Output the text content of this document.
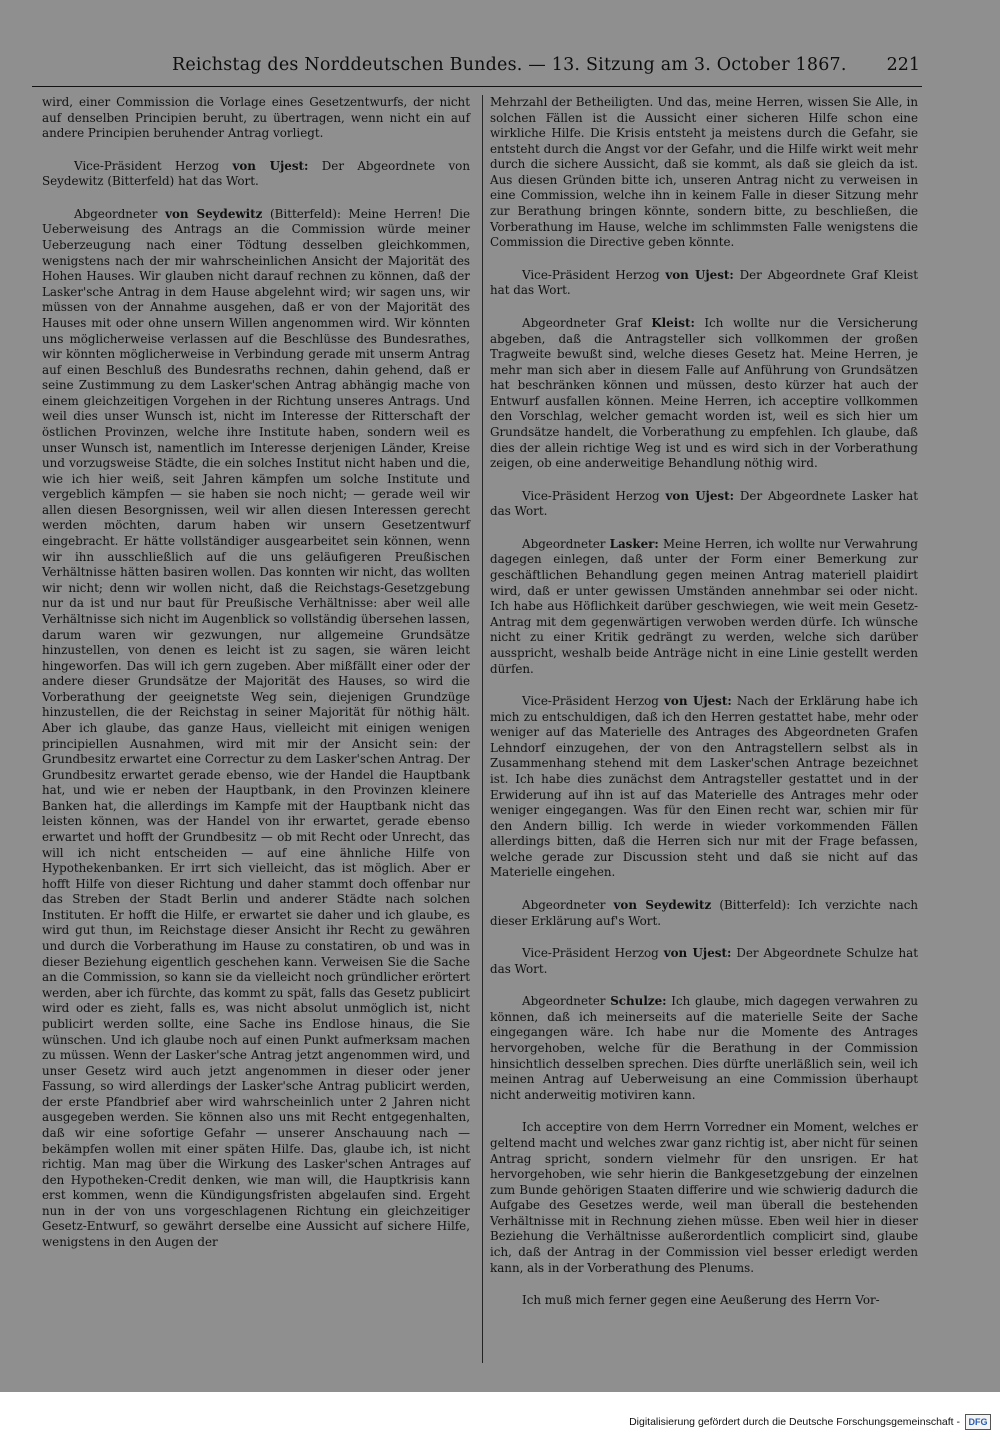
Reichstag des Norddeutschen Bundes. — 13. Sitzung am 3. October 1867. 221

wird, einer Commission die Vorlage eines Gesetzentwurfs, der nicht auf denselben Principien beruht, zu übertragen, wenn nicht ein auf andere Principien beruhender Antrag vorliegt.

Vice-Präsident Herzog von Ujest: Der Abgeordnete von Seydewitz (Bitterfeld) hat das Wort.

Abgeordneter von Seydewitz (Bitterfeld): Meine Herren! Die Ueberweisung des Antrags an die Commission würde meiner Ueberzeugung nach einer Tödtung desselben gleichkommen, wenigstens nach der mir wahrscheinlichen Ansicht der Majorität des Hohen Hauses. Wir glauben nicht darauf rechnen zu können, daß der Lasker'sche Antrag in dem Hause abgelehnt wird; wir sagen uns, wir müssen von der Annahme ausgehen, daß er von der Majorität des Hauses mit oder ohne unsern Willen angenommen wird. Wir könnten uns möglicherweise verlassen auf die Beschlüsse des Bundesrathes, wir könnten möglicherweise in Verbindung gerade mit unserm Antrag auf einen Beschluß des Bundesraths rechnen, dahin gehend, daß er seine Zustimmung zu dem Lasker'schen Antrag abhängig mache von einem gleichzeitigen Vorgehen in der Richtung unseres Antrags. Und weil dies unser Wunsch ist, nicht im Interesse der Ritterschaft der östlichen Provinzen, welche ihre Institute haben, sondern weil es unser Wunsch ist, namentlich im Interesse derjenigen Länder, Kreise und vorzugsweise Städte, die ein solches Institut nicht haben und die, wie ich hier weiß, seit Jahren kämpfen um solche Institute und vergeblich kämpfen — sie haben sie noch nicht; — gerade weil wir allen diesen Besorgnissen, weil wir allen diesen Interessen gerecht werden möchten, darum haben wir unsern Gesetzentwurf eingebracht. Er hätte vollständiger ausgearbeitet sein können, wenn wir ihn ausschließlich auf die uns geläufigeren Preußischen Verhältnisse hätten basiren wollen. Das konnten wir nicht, das wollten wir nicht; denn wir wollen nicht, daß die Reichstags-Gesetzgebung nur da ist und nur baut für Preußische Verhältnisse: aber weil alle Verhältnisse sich nicht im Augenblick so vollständig übersehen lassen, darum waren wir gezwungen, nur allgemeine Grundsätze hinzustellen, von denen es leicht ist zu sagen, sie wären leicht hingeworfen. Das will ich gern zugeben. Aber mißfällt einer oder der andere dieser Grundsätze der Majorität des Hauses, so wird die Vorberathung der geeignetste Weg sein, diejenigen Grundzüge hinzustellen, die der Reichstag in seiner Majorität für nöthig hält. Aber ich glaube, das ganze Haus, vielleicht mit einigen wenigen principiellen Ausnahmen, wird mit mir der Ansicht sein: der Grundbesitz erwartet eine Correctur zu dem Lasker'schen Antrag. Der Grundbesitz erwartet gerade ebenso, wie der Handel die Hauptbank hat, und wie er neben der Hauptbank, in den Provinzen kleinere Banken hat, die allerdings im Kampfe mit der Hauptbank nicht das leisten können, was der Handel von ihr erwartet, gerade ebenso erwartet und hofft der Grundbesitz — ob mit Recht oder Unrecht, das will ich nicht entscheiden — auf eine ähnliche Hilfe von Hypothekenbanken. Er irrt sich vielleicht, das ist möglich. Aber er hofft Hilfe von dieser Richtung und daher stammt doch offenbar nur das Streben der Stadt Berlin und anderer Städte nach solchen Instituten. Er hofft die Hilfe, er erwartet sie daher und ich glaube, es wird gut thun, im Reichstage dieser Ansicht ihr Recht zu gewähren und durch die Vorberathung im Hause zu constatiren, ob und was in dieser Beziehung eigentlich geschehen kann. Verweisen Sie die Sache an die Commission, so kann sie da vielleicht noch gründlicher erörtert werden, aber ich fürchte, das kommt zu spät, falls das Gesetz publicirt wird oder es zieht, falls es, was nicht absolut unmöglich ist, nicht publicirt werden sollte, eine Sache ins Endlose hinaus, die Sie wünschen. Und ich glaube noch auf einen Punkt aufmerksam machen zu müssen. Wenn der Lasker'sche Antrag jetzt angenommen wird, und unser Gesetz wird auch jetzt angenommen in dieser oder jener Fassung, so wird allerdings der Lasker'sche Antrag publicirt werden, der erste Pfandbrief aber wird wahrscheinlich unter 2 Jahren nicht ausgegeben werden. Sie können also uns mit Recht entgegenhalten, daß wir eine sofortige Gefahr — unserer Anschauung nach — bekämpfen wollen mit einer späten Hilfe. Das, glaube ich, ist nicht richtig. Man mag über die Wirkung des Lasker'schen Antrages auf den Hypotheken-Credit denken, wie man will, die Hauptkrisis kann erst kommen, wenn die Kündigungsfristen abgelaufen sind. Ergeht nun in der von uns vorgeschlagenen Richtung ein gleichzeitiger Gesetz-Entwurf, so gewährt derselbe eine Aussicht auf sichere Hilfe, wenigstens in den Augen der

Mehrzahl der Betheiligten. Und das, meine Herren, wissen Sie Alle, in solchen Fällen ist die Aussicht einer sicheren Hilfe schon eine wirkliche Hilfe. Die Krisis entsteht ja meistens durch die Gefahr, sie entsteht durch die Angst vor der Gefahr, und die Hilfe wirkt weit mehr durch die sichere Aussicht, daß sie kommt, als daß sie gleich da ist. Aus diesen Gründen bitte ich, unseren Antrag nicht zu verweisen in eine Commission, welche ihn in keinem Falle in dieser Sitzung mehr zur Berathung bringen könnte, sondern bitte, zu beschließen, die Vorberathung im Hause, welche im schlimmsten Falle wenigstens die Commission die Directive geben könnte.

Vice-Präsident Herzog von Ujest: Der Abgeordnete Graf Kleist hat das Wort.

Abgeordneter Graf Kleist: Ich wollte nur die Versicherung abgeben, daß die Antragsteller sich vollkommen der großen Tragweite bewußt sind, welche dieses Gesetz hat. Meine Herren, je mehr man sich aber in diesem Falle auf Anführung von Grundsätzen hat beschränken können und müssen, desto kürzer hat auch der Entwurf ausfallen können. Meine Herren, ich acceptire vollkommen den Vorschlag, welcher gemacht worden ist, weil es sich hier um Grundsätze handelt, die Vorberathung zu empfehlen. Ich glaube, daß dies der allein richtige Weg ist und es wird sich in der Vorberathung zeigen, ob eine anderweitige Behandlung nöthig wird.

Vice-Präsident Herzog von Ujest: Der Abgeordnete Lasker hat das Wort.

Abgeordneter Lasker: Meine Herren, ich wollte nur Verwahrung dagegen einlegen, daß unter der Form einer Bemerkung zur geschäftlichen Behandlung gegen meinen Antrag materiell plaidirt wird, daß er unter gewissen Umständen annehmbar sei oder nicht. Ich habe aus Höflichkeit darüber geschwiegen, wie weit mein Gesetz-Antrag mit dem gegenwärtigen verwoben werden dürfe. Ich wünsche nicht zu einer Kritik gedrängt zu werden, welche sich darüber ausspricht, weshalb beide Anträge nicht in eine Linie gestellt werden dürfen.

Vice-Präsident Herzog von Ujest: Nach der Erklärung habe ich mich zu entschuldigen, daß ich den Herren gestattet habe, mehr oder weniger auf das Materielle des Antrages des Abgeordneten Grafen Lehndorf einzugehen, der von den Antragstellern selbst als in Zusammenhang stehend mit dem Lasker'schen Antrage bezeichnet ist. Ich habe dies zunächst dem Antragsteller gestattet und in der Erwiderung auf ihn ist auf das Materielle des Antrages mehr oder weniger eingegangen. Was für den Einen recht war, schien mir für den Andern billig. Ich werde in wieder vorkommenden Fällen allerdings bitten, daß die Herren sich nur mit der Frage befassen, welche gerade zur Discussion steht und daß sie nicht auf das Materielle eingehen.

Abgeordneter von Seydewitz (Bitterfeld): Ich verzichte nach dieser Erklärung auf's Wort.

Vice-Präsident Herzog von Ujest: Der Abgeordnete Schulze hat das Wort.

Abgeordneter Schulze: Ich glaube, mich dagegen verwahren zu können, daß ich meinerseits auf die materielle Seite der Sache eingegangen wäre. Ich habe nur die Momente des Antrages hervorgehoben, welche für die Berathung in der Commission hinsichtlich desselben sprechen. Dies dürfte unerläßlich sein, weil ich meinen Antrag auf Ueberweisung an eine Commission überhaupt nicht anderweitig motiviren kann.

Ich acceptire von dem Herrn Vorredner ein Moment, welches er geltend macht und welches zwar ganz richtig ist, aber nicht für seinen Antrag spricht, sondern vielmehr für den unsrigen. Er hat hervorgehoben, wie sehr hierin die Bankgesetzgebung der einzelnen zum Bunde gehörigen Staaten differire und wie schwierig dadurch die Aufgabe des Gesetzes werde, weil man überall die bestehenden Verhältnisse mit in Rechnung ziehen müsse. Eben weil hier in dieser Beziehung die Verhältnisse außerordentlich complicirt sind, glaube ich, daß der Antrag in der Commission viel besser erledigt werden kann, als in der Vorberathung des Plenums.

Ich muß mich ferner gegen eine Aeußerung des Herrn Vor-

Digitalisierung gefördert durch die Deutsche Forschungsgemeinschaft - DFG
